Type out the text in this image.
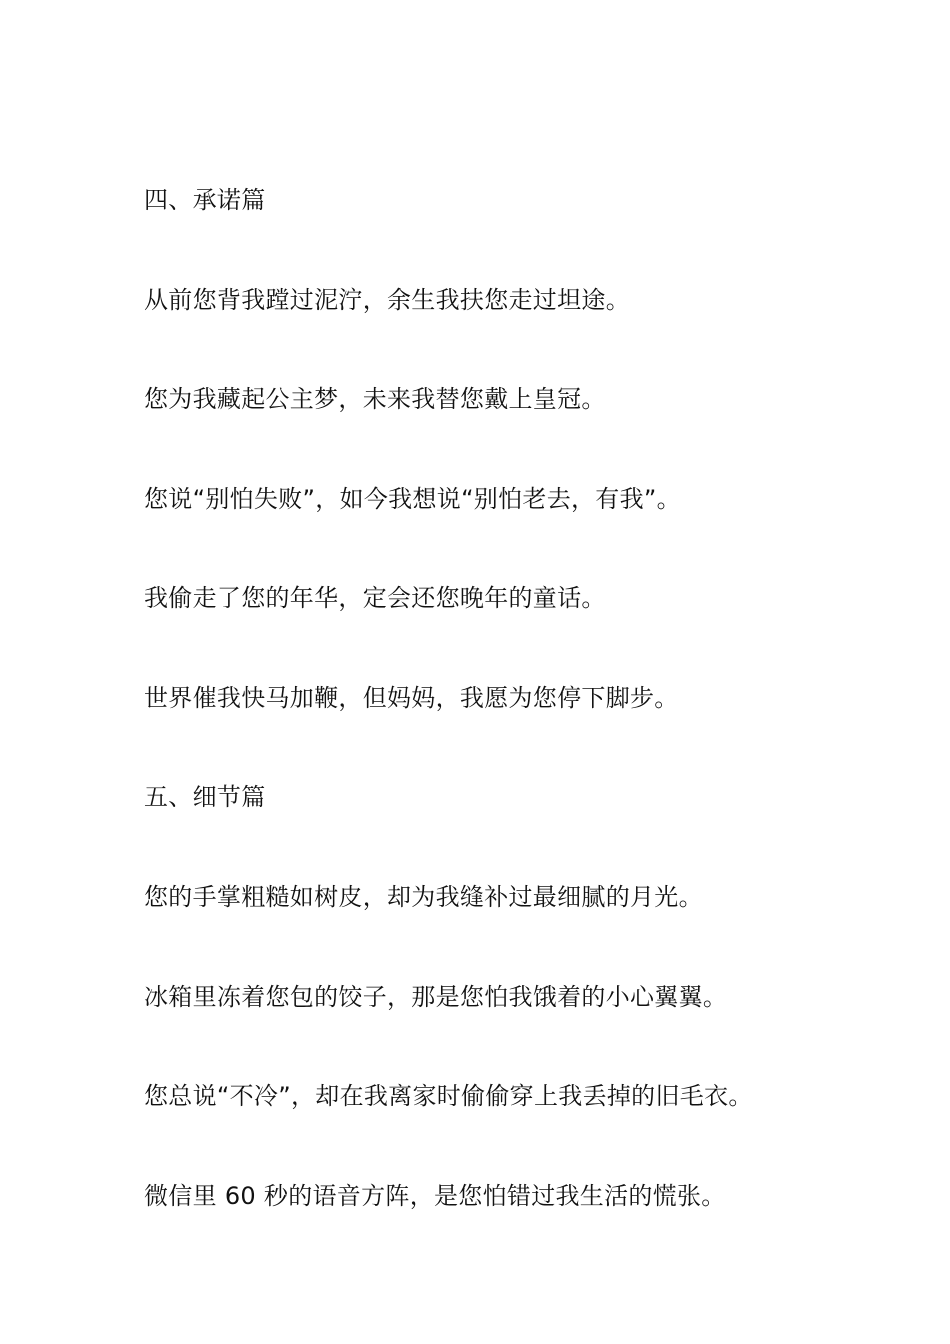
四、承诺篇

从前您背我蹚过泥泞，余生我扶您走过坦途。

您为我藏起公主梦，未来我替您戴上皇冠。

您说“别怕失败”，如今我想说“别怕老去，有我”。

我偷走了您的年华，定会还您晚年的童话。

世界催我快马加鞭，但妈妈，我愿为您停下脚步。

五、细节篇

您的手掌粗糙如树皮，却为我缝补过最细腻的月光。

冰箱里冻着您包的饺子，那是您怕我饿着的小心翼翼。

您总说“不冷”，却在我离家时偷偷穿上我丢掉的旧毛衣。

微信里 60 秒的语音方阵，是您怕错过我生活的慌张。
